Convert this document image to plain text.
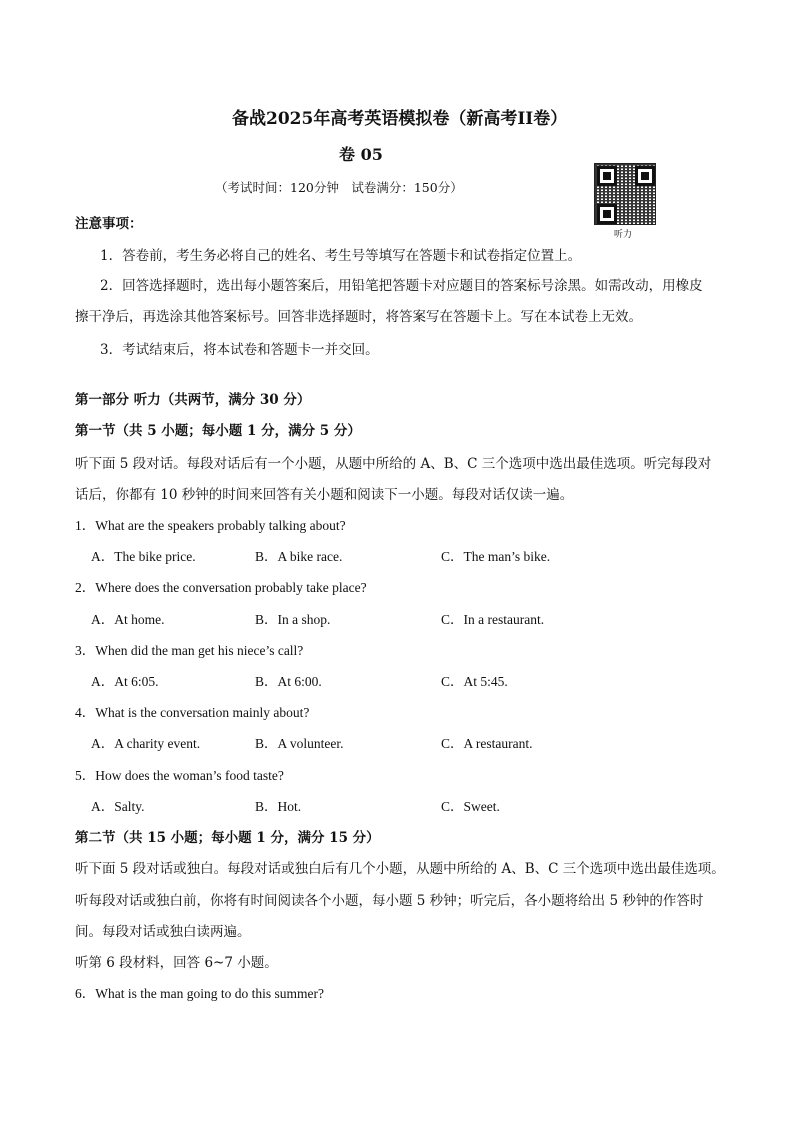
备战2025年高考英语模拟卷（新高考II卷）
卷 05
（考试时间：120分钟　试卷满分：150分）
听力
注意事项：
1．答卷前，考生务必将自己的姓名、考生号等填写在答题卡和试卷指定位置上。
2．回答选择题时，选出每小题答案后，用铅笔把答题卡对应题目的答案标号涂黑。如需改动，用橡皮
擦干净后，再选涂其他答案标号。回答非选择题时，将答案写在答题卡上。写在本试卷上无效。
3．考试结束后，将本试卷和答题卡一并交回。
第一部分 听力（共两节，满分 30 分）
第一节（共 5 小题；每小题 1 分，满分 5 分）
听下面 5 段对话。每段对话后有一个小题，从题中所给的 A、B、C 三个选项中选出最佳选项。听完每段对
话后，你都有 10 秒钟的时间来回答有关小题和阅读下一小题。每段对话仅读一遍。
1．What are the speakers probably talking about?
A．The bike price.	B．A bike race.	C．The man’s bike.
2．Where does the conversation probably take place?
A．At home.	B．In a shop.	C．In a restaurant.
3．When did the man get his niece’s call?
A．At 6:05.	B．At 6:00.	C．At 5:45.
4．What is the conversation mainly about?
A．A charity event.	B．A volunteer.	C．A restaurant.
5．How does the woman’s food taste?
A．Salty.	B．Hot.	C．Sweet.
第二节（共 15 小题；每小题 1 分，满分 15 分）
听下面 5 段对话或独白。每段对话或独白后有几个小题，从题中所给的 A、B、C 三个选项中选出最佳选项。
听每段对话或独白前，你将有时间阅读各个小题，每小题 5 秒钟；听完后，各小题将给出 5 秒钟的作答时
间。每段对话或独白读两遍。
听第 6 段材料，回答 6~7 小题。
6．What is the man going to do this summer?
